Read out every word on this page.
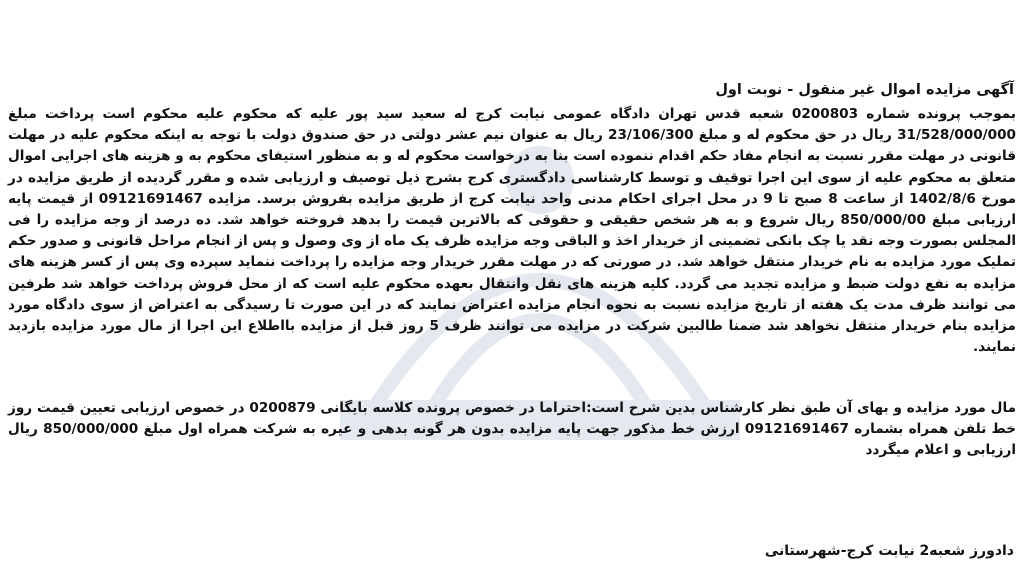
آگهی مزایده اموال غیر منقول - نوبت اول
بموجب پرونده شماره 0200803 شعبه قدس تهران دادگاه عمومی نیابت کرج له سعید سید پور علیه که محکوم علیه محکوم است پرداخت مبلغ 31/528/000/000 ریال در حق محکوم له و مبلغ 23/106/300 ریال به عنوان نیم عشر دولتی در حق صندوق دولت با توجه به اینکه محکوم علیه در مهلت قانونی در مهلت مقرر نسبت به انجام مفاد حکم اقدام ننموده است بنا به درخواست محکوم له و به منظور استیفای محکوم به و هزینه های اجرایی اموال متعلق به محکوم علیه از سوی این اجرا توقیف و توسط کارشناسی دادگستری کرج بشرح ذیل توصیف و ارزیابی شده و مقرر گردیده از طریق مزایده در مورخ 1402/8/6 از ساعت 8 صبح تا 9 در محل اجرای احکام مدنی واحد نیابت کرج از طریق مزایده بفروش برسد. مزایده 09121691467 از قیمت پایه ارزیابی مبلغ 850/000/00 ریال شروع و به هر شخص حقیقی و حقوقی که بالاترین قیمت را بدهد فروخته خواهد شد. ده درصد از وجه مزایده را فی المجلس بصورت وجه نقد یا چک بانکی تضمینی از خریدار اخذ و الباقی وجه مزایده ظرف یک ماه از وی وصول و پس از انجام مراحل قانونی و صدور حکم تملیک مورد مزایده به نام خریدار منتقل خواهد شد. در صورتی که در مهلت مقرر خریدار وجه مزایده را پرداخت ننماید سپرده وی پس از کسر هزینه های مزایده به نفع دولت ضبط و مزایده تجدید می گردد. کلیه هزینه های نقل وانتقال بعهده محکوم علیه است که از محل فروش پرداخت خواهد شد طرفین می توانند ظرف مدت یک هفته از تاریخ مزایده نسبت به نحوه انجام مزایده اعتراض نمایند که در این صورت تا رسیدگی به اعتراض از سوی دادگاه مورد مزایده بنام خریدار منتقل نخواهد شد ضمنا طالبین شرکت در مزایده می توانند ظرف 5 روز قبل از مزایده بااطلاع این اجرا از مال مورد مزایده بازدید نمایند.
مال مورد مزایده و بهای آن طبق نظر کارشناس بدین شرح است:احتراما در خصوص پرونده کلاسه بایگانی 0200879 در خصوص ارزیابی تعیین قیمت روز خط تلفن همراه بشماره 09121691467 ارزش خط مذکور جهت پایه مزایده بدون هر گونه بدهی و عیره به شرکت همراه اول مبلغ 850/000/000 ریال ارزیابی و اعلام میگردد
دادورز شعبه2 نیابت کرج-شهرستانی
